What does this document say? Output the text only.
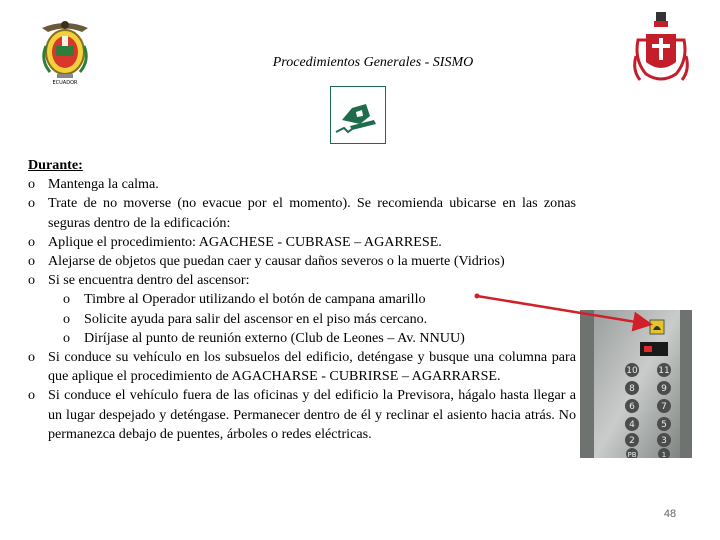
ECUADOR
Procedimientos Generales - SISMO
Durante:
o Mantenga la calma.
o Trate de no moverse (no evacue por el momento). Se recomienda ubicarse en las zonas seguras dentro de la edificación:
o Aplique el procedimiento: AGACHESE - CUBRASE – AGARRESE.
o Alejarse de objetos que puedan caer y causar daños severos o la muerte (Vidrios)
o Si se encuentra dentro del ascensor:
o Timbre al Operador utilizando el botón de campana amarillo
o Solicite ayuda para salir del ascensor en el piso más cercano.
o Diríjase al punto de reunión externo (Club de Leones – Av. NNUU)
o Si conduce su vehículo en los subsuelos del edificio, deténgase y busque una columna para que aplique el procedimiento de AGACHARSE - CUBRIRSE – AGARRARSE.
o Si conduce el vehículo fuera de las oficinas y del edificio la Previsora, hágalo hasta llegar a un lugar despejado y deténgase. Permanecer dentro de él y reclinar el asiento hacia atrás. No permanezca debajo de puentes, árboles o redes eléctricas.
10 11
8	9
6	7
4	5
2	3
PB	1
48
